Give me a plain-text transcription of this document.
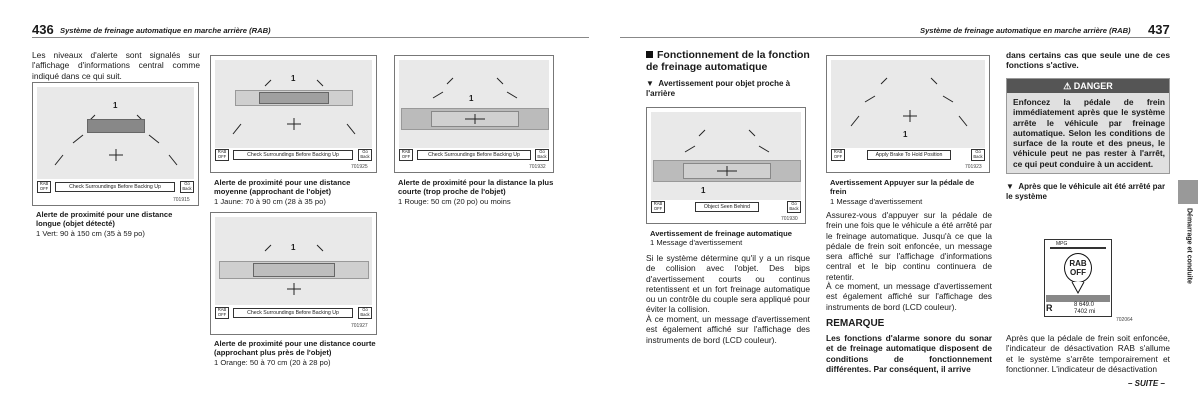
436 Système de freinage automatique en marche arrière (RAB)
Les niveaux d'alerte sont signalés sur l'affichage d'informations central comme indiqué dans ce qui suit.
1
RAB OFF	Check Surroundings Before Backing Up
Go Back
701915
Alerte de proximité pour une distance longue (objet détecté)
1 Vert: 90 à 150 cm (35 à 59 po)
1
RAB OFF	Check Surroundings Before Backing Up
Go Back
701925
Alerte de proximité pour une distance moyenne (approchant de l'objet)
1 Jaune: 70 à 90 cm (28 à 35 po)
1
RAB OFF	Check Surroundings Before Backing Up
Go Back
701932
Alerte de proximité pour la distance la plus courte (trop proche de l'objet)
1 Rouge: 50 cm (20 po) ou moins
1
RAB OFF	Check Surroundings Before Backing Up
Go Back
701927
Alerte de proximité pour une distance courte (approchant plus près de l'objet)
1 Orange: 50 à 70 cm (20 à 28 po)
Système de freinage automatique en marche arrière (RAB) 437
Fonctionnement de la fonction de freinage automatique
▼  Avertissement pour objet proche à l'arrière
1
RAB OFF	Object Seen Behind
Go Back
701930
Avertissement de freinage automatique
1 Message d'avertissement
Si le système détermine qu'il y a un risque de collision avec l'objet. Des bips d'avertissement courts ou continus retentissent et un fort freinage automatique ou un contrôle du couple sera appliqué pour éviter la collision.
À ce moment, un message d'avertissement est également affiché sur l'affichage des instruments de bord (LCD couleur).
1
RAB OFF	Apply Brake To Hold Position
Go Back
701923
Avertissement Appuyer sur la pédale de frein
1 Message d'avertissement
Assurez-vous d'appuyer sur la pédale de frein une fois que le véhicule a été arrêté par le freinage automatique. Jusqu'à ce que la pédale de frein soit enfoncée, un message sera affiché sur l'affichage d'informations central et le bip continu continuera de retentir.
À ce moment, un message d'avertissement est également affiché sur l'affichage des instruments de bord (LCD couleur).
REMARQUE
Les fonctions d'alarme sonore du sonar et de freinage automatique disposent de conditions de fonctionnement différentes. Par conséquent, il arrive
dans certains cas que seule une de ces fonctions s'active.
⚠ DANGER
Enfoncez la pédale de frein immédiatement après que le système arrête le véhicule par freinage automatique. Selon les conditions de surface de la route et des pneus, le véhicule peut ne pas rester à l'arrêt, ce qui peut conduire à un accident.
▼  Après que le véhicule ait été arrêté par le système
MPG
RAB
OFF
R	8 649.0
7402 mi
702064
Après que la pédale de frein soit enfoncée, l'indicateur de désactivation RAB s'allume et le système s'arrête temporairement et fonctionner. L'indicateur de désactivation
– SUITE –
Démarrage et conduite
